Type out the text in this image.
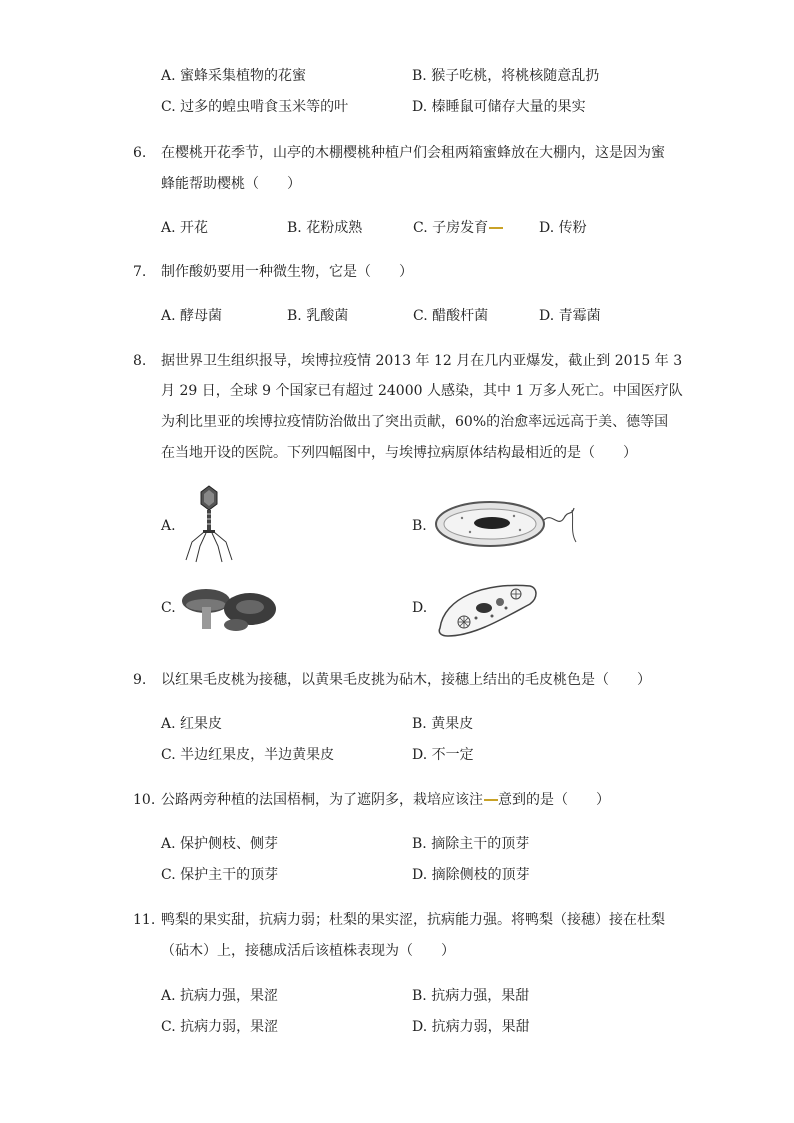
A. 蜜蜂采集植物的花蜜	B. 猴子吃桃，将桃核随意乱扔
C. 过多的蝗虫啃食玉米等的叶	D. 榛睡鼠可储存大量的果实
6. 在樱桃开花季节，山亭的木棚樱桃种植户们会租两箱蜜蜂放在大棚内，这是因为蜜
蜂能帮助樱桃（　　）
A. 开花	B. 花粉成熟	C. 子房发育	D. 传粉
7. 制作酸奶要用一种微生物，它是（　　）
A. 酵母菌	B. 乳酸菌	C. 醋酸杆菌	D. 青霉菌
8. 据世界卫生组织报导，埃博拉疫情 2013 年 12 月在几内亚爆发，截止到 2015 年 3
月 29 日，全球 9 个国家已有超过 24000 人感染，其中 1 万多人死亡。中国医疗队
为利比里亚的埃博拉疫情防治做出了突出贡献，60%的治愈率远远高于美、德等国
在当地开设的医院。下列四幅图中，与埃博拉病原体结构最相近的是（　　）
A.	B.
C.	D.
9. 以红果毛皮桃为接穗，以黄果毛皮挑为砧木，接穗上结出的毛皮桃色是（　　）
A. 红果皮	B. 黄果皮
C. 半边红果皮，半边黄果皮	D. 不一定
10. 公路两旁种植的法国梧桐，为了遮阴多，栽培应该注 意到的是（　　）
A. 保护侧枝、侧芽	B. 摘除主干的顶芽
C. 保护主干的顶芽	D. 摘除侧枝的顶芽
11. 鸭梨的果实甜，抗病力弱；杜梨的果实涩，抗病能力强。将鸭梨（接穗）接在杜梨
（砧木）上，接穗成活后该植株表现为（　　）
A. 抗病力强，果涩	B. 抗病力强，果甜
C. 抗病力弱，果涩	D. 抗病力弱，果甜
